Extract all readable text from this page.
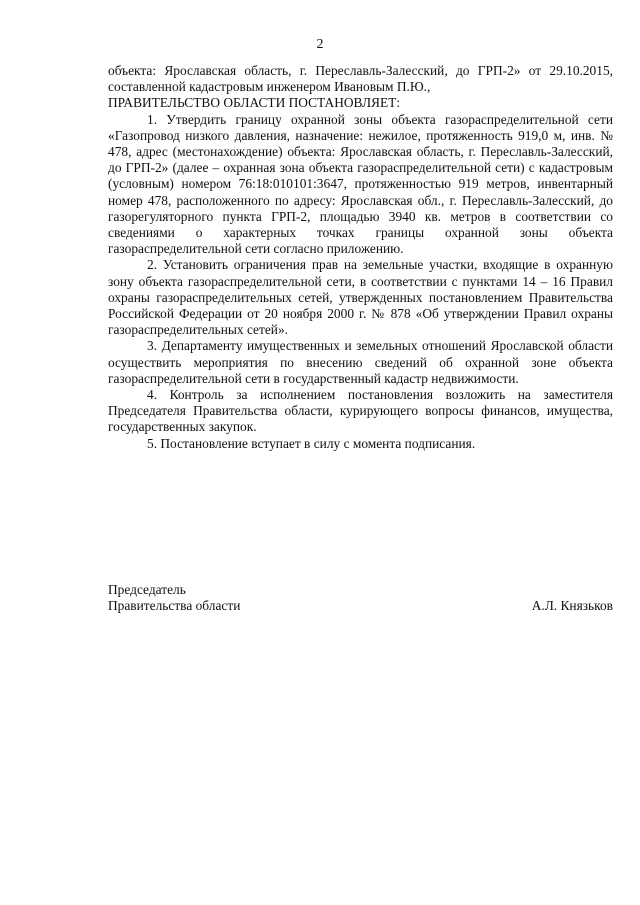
2

объекта: Ярославская область, г. Переславль-Залесский, до ГРП-2» от 29.10.2015, составленной кадастровым инженером Ивановым П.Ю.,

ПРАВИТЕЛЬСТВО ОБЛАСТИ ПОСТАНОВЛЯЕТ:

1. Утвердить границу охранной зоны объекта газораспределительной сети «Газопровод низкого давления, назначение: нежилое, протяженность 919,0 м, инв. № 478, адрес (местонахождение) объекта: Ярославская область, г. Переславль-Залесский, до ГРП-2» (далее – охранная зона объекта газораспределительной сети) с кадастровым (условным) номером 76:18:010101:3647, протяженностью 919 метров, инвентарный номер 478, расположенного по адресу: Ярославская обл., г. Переславль-Залесский, до газорегуляторного пункта ГРП-2, площадью 3940 кв. метров в соответствии со сведениями о характерных точках границы охранной зоны объекта газораспределительной сети согласно приложению.

2. Установить ограничения прав на земельные участки, входящие в охранную зону объекта газораспределительной сети, в соответствии с пунктами 14 – 16 Правил охраны газораспределительных сетей, утвержденных постановлением Правительства Российской Федерации от 20 ноября 2000 г. № 878 «Об утверждении Правил охраны газораспределительных сетей».

3. Департаменту имущественных и земельных отношений Ярославской области осуществить мероприятия по внесению сведений об охранной зоне объекта газораспределительной сети в государственный кадастр недвижимости.

4. Контроль за исполнением постановления возложить на заместителя Председателя Правительства области, курирующего вопросы финансов, имущества, государственных закупок.

5. Постановление вступает в силу с момента подписания.

Председатель
Правительства области	А.Л. Князьков
